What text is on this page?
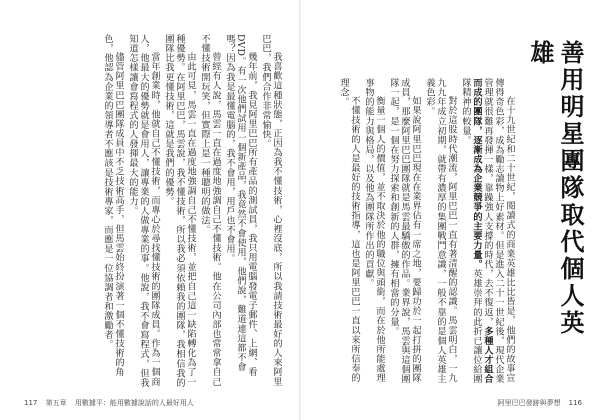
我喜歡這種狀態，正因為我不懂技術，心裡沒底，所以我請技術最好的人來阿里巴巴，我們合作非常愉快。

幾年前，我見阿里巴巴所有產品的測試員，我只用電腦發電子郵件、上網、看DVD。有一次他們試用一個新產品，我竟然不會使用，他們說，難道連這都不會嗎？因為我是最懂電腦的，我不會用，用戶也不會用。

曾經有人說，馬雲一直在過度地強調自己不懂技術。他在公司內部也常常拿自己不懂技術開玩笑，但實際上是一種聰明的做法。

由此可見，馬雲一直在過度地強調自己不懂技術，並把自己這一缺陷轉化為了一種優勢。在阿里巴巴，馬雲說，我不懂技術，所以我必須依賴我的團隊，我相信我的團隊比我更懂技術，這就是我們的優勢。

當年創業時，他就自己不懂技術，而專心於尋找懂技術的團隊成員。作為一個商人，他最大的優勢就是會用人，讓專業的人做專業的事。他說，我不會寫程式，但我知道怎樣讓會寫程式的人發揮最大的能力。

儘管阿里巴巴團隊成員中不乏技術高手，但馬雲始終扮演著一個不懂技術的角色，他認為企業的領導者不應該是技術專家，而應是一位協調者和激勵者。

117 第五章 用數據平：能用數據說話的人最好用人
善用明星團隊取代個人英雄

在十九世紀和二十世紀，閱讀式的商業英雄比比皆是，他們的故事宣傳得奇色彩，成為勵志讀物上好素材。但是進入二十一世紀後，現代企業管理就很難再發揮一樣，靠躁強人支撐的時代，去不復返，多種人才組合而成的團隊，逐漸成為企業競爭的主要力量。英雄崇拜的此折已讓位給團隊精神的較量。

對於這股時代潮流，阿里巴巴一直有著清醒的認識。馬雲明白，一九九九年成立初期，就帶有濃厚的集團戰鬥意識，一般不靠的是個人英雄主義色彩。

如果說阿里巴巴現在在業界佔有一席之地，要歸功於一起打拼的團隊成員，那麼阿里巴巴團隊就是馬雲最驕傲的作品。業界說，馬雲與這個團隊一起，是一個在努力探索和創新的人群，擁有相當的分量。

衡量一個人的價值，並不取決於他的職位與頭銜，而在於他所能處理事物的能力與格局，以及他為團隊所作出的貢獻。

不懂技術的人是最好的技術指導，這也是阿里巴巴一直以來所信奉的理念。

阿里巴巴發跡與夢想 116
